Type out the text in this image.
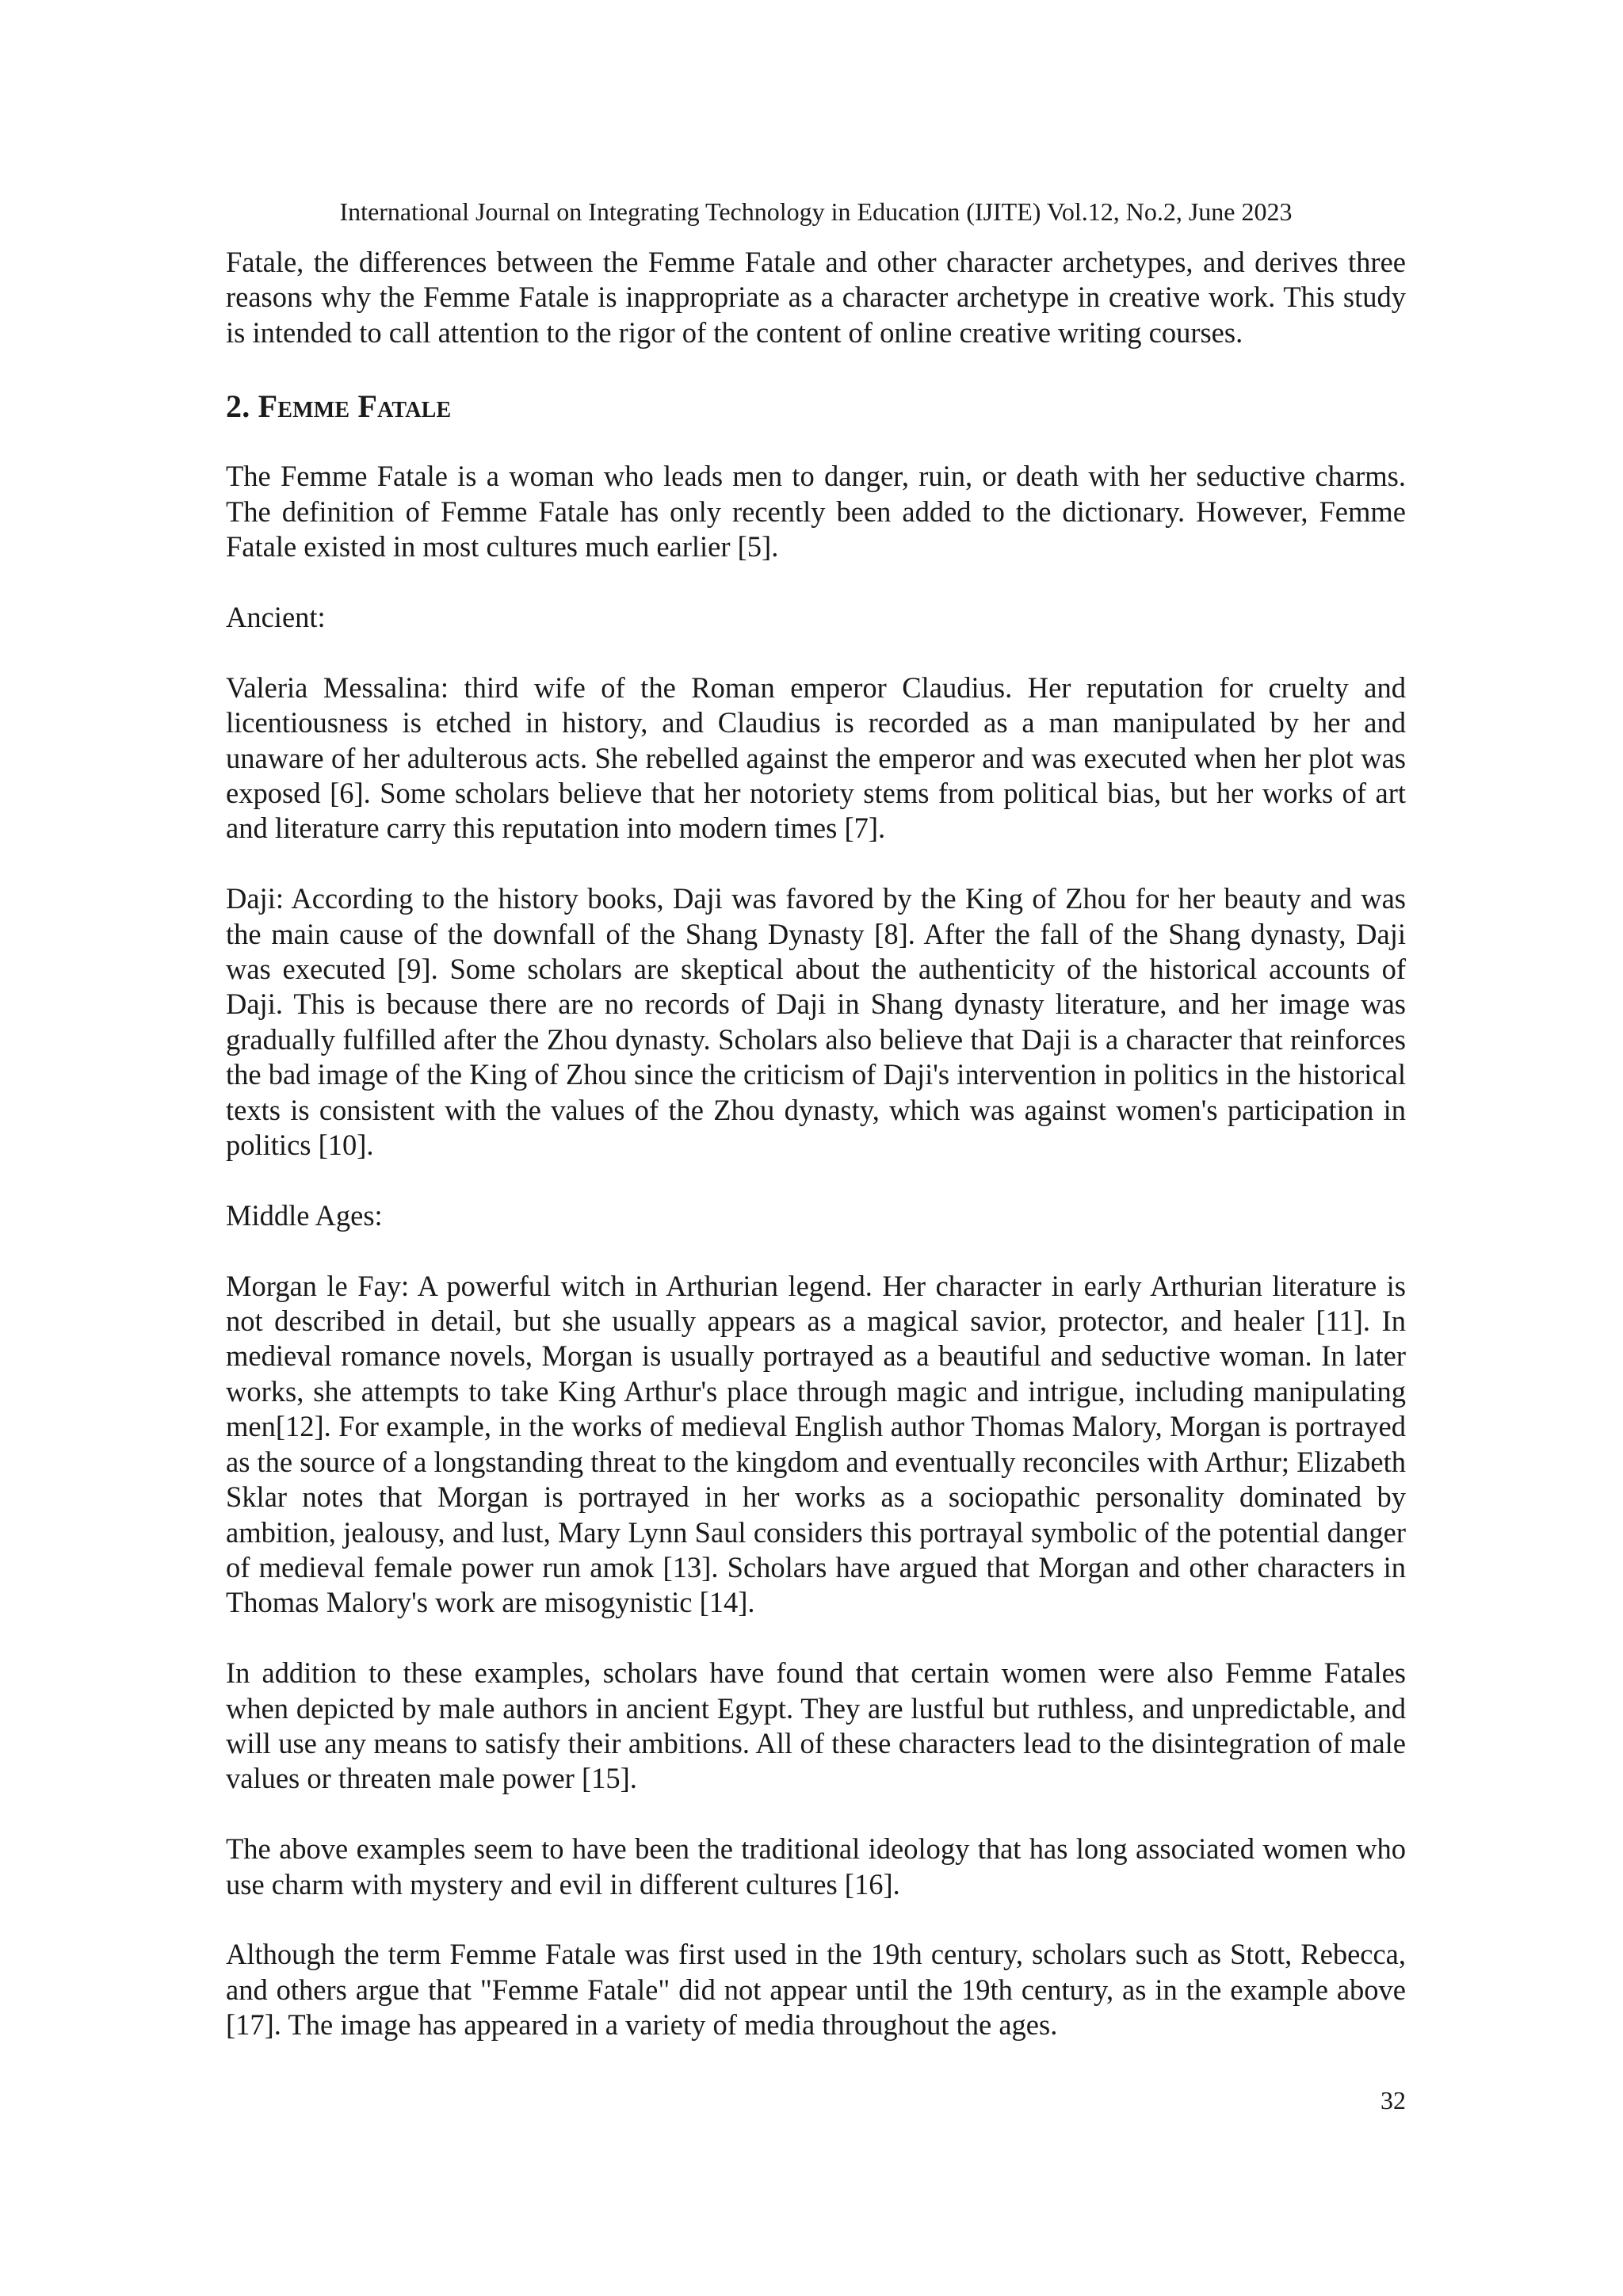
International Journal on Integrating Technology in Education (IJITE) Vol.12, No.2, June 2023

Fatale, the differences between the Femme Fatale and other character archetypes, and derives three reasons why the Femme Fatale is inappropriate as a character archetype in creative work. This study is intended to call attention to the rigor of the content of online creative writing courses.

2. Femme Fatale

The Femme Fatale is a woman who leads men to danger, ruin, or death with her seductive charms. The definition of Femme Fatale has only recently been added to the dictionary. However, Femme Fatale existed in most cultures much earlier [5].

Ancient:

Valeria Messalina: third wife of the Roman emperor Claudius. Her reputation for cruelty and licentiousness is etched in history, and Claudius is recorded as a man manipulated by her and unaware of her adulterous acts. She rebelled against the emperor and was executed when her plot was exposed [6]. Some scholars believe that her notoriety stems from political bias, but her works of art and literature carry this reputation into modern times [7].

Daji: According to the history books, Daji was favored by the King of Zhou for her beauty and was the main cause of the downfall of the Shang Dynasty [8]. After the fall of the Shang dynasty, Daji was executed [9]. Some scholars are skeptical about the authenticity of the historical accounts of Daji. This is because there are no records of Daji in Shang dynasty literature, and her image was gradually fulfilled after the Zhou dynasty. Scholars also believe that Daji is a character that reinforces the bad image of the King of Zhou since the criticism of Daji's intervention in politics in the historical texts is consistent with the values of the Zhou dynasty, which was against women's participation in politics [10].

Middle Ages:

Morgan le Fay: A powerful witch in Arthurian legend. Her character in early Arthurian literature is not described in detail, but she usually appears as a magical savior, protector, and healer [11]. In medieval romance novels, Morgan is usually portrayed as a beautiful and seductive woman. In later works, she attempts to take King Arthur's place through magic and intrigue, including manipulating men[12]. For example, in the works of medieval English author Thomas Malory, Morgan is portrayed as the source of a longstanding threat to the kingdom and eventually reconciles with Arthur; Elizabeth Sklar notes that Morgan is portrayed in her works as a sociopathic personality dominated by ambition, jealousy, and lust, Mary Lynn Saul considers this portrayal symbolic of the potential danger of medieval female power run amok [13]. Scholars have argued that Morgan and other characters in Thomas Malory's work are misogynistic [14].

In addition to these examples, scholars have found that certain women were also Femme Fatales when depicted by male authors in ancient Egypt. They are lustful but ruthless, and unpredictable, and will use any means to satisfy their ambitions. All of these characters lead to the disintegration of male values or threaten male power [15].

The above examples seem to have been the traditional ideology that has long associated women who use charm with mystery and evil in different cultures [16].

Although the term Femme Fatale was first used in the 19th century, scholars such as Stott, Rebecca, and others argue that "Femme Fatale" did not appear until the 19th century, as in the example above [17]. The image has appeared in a variety of media throughout the ages.

32
